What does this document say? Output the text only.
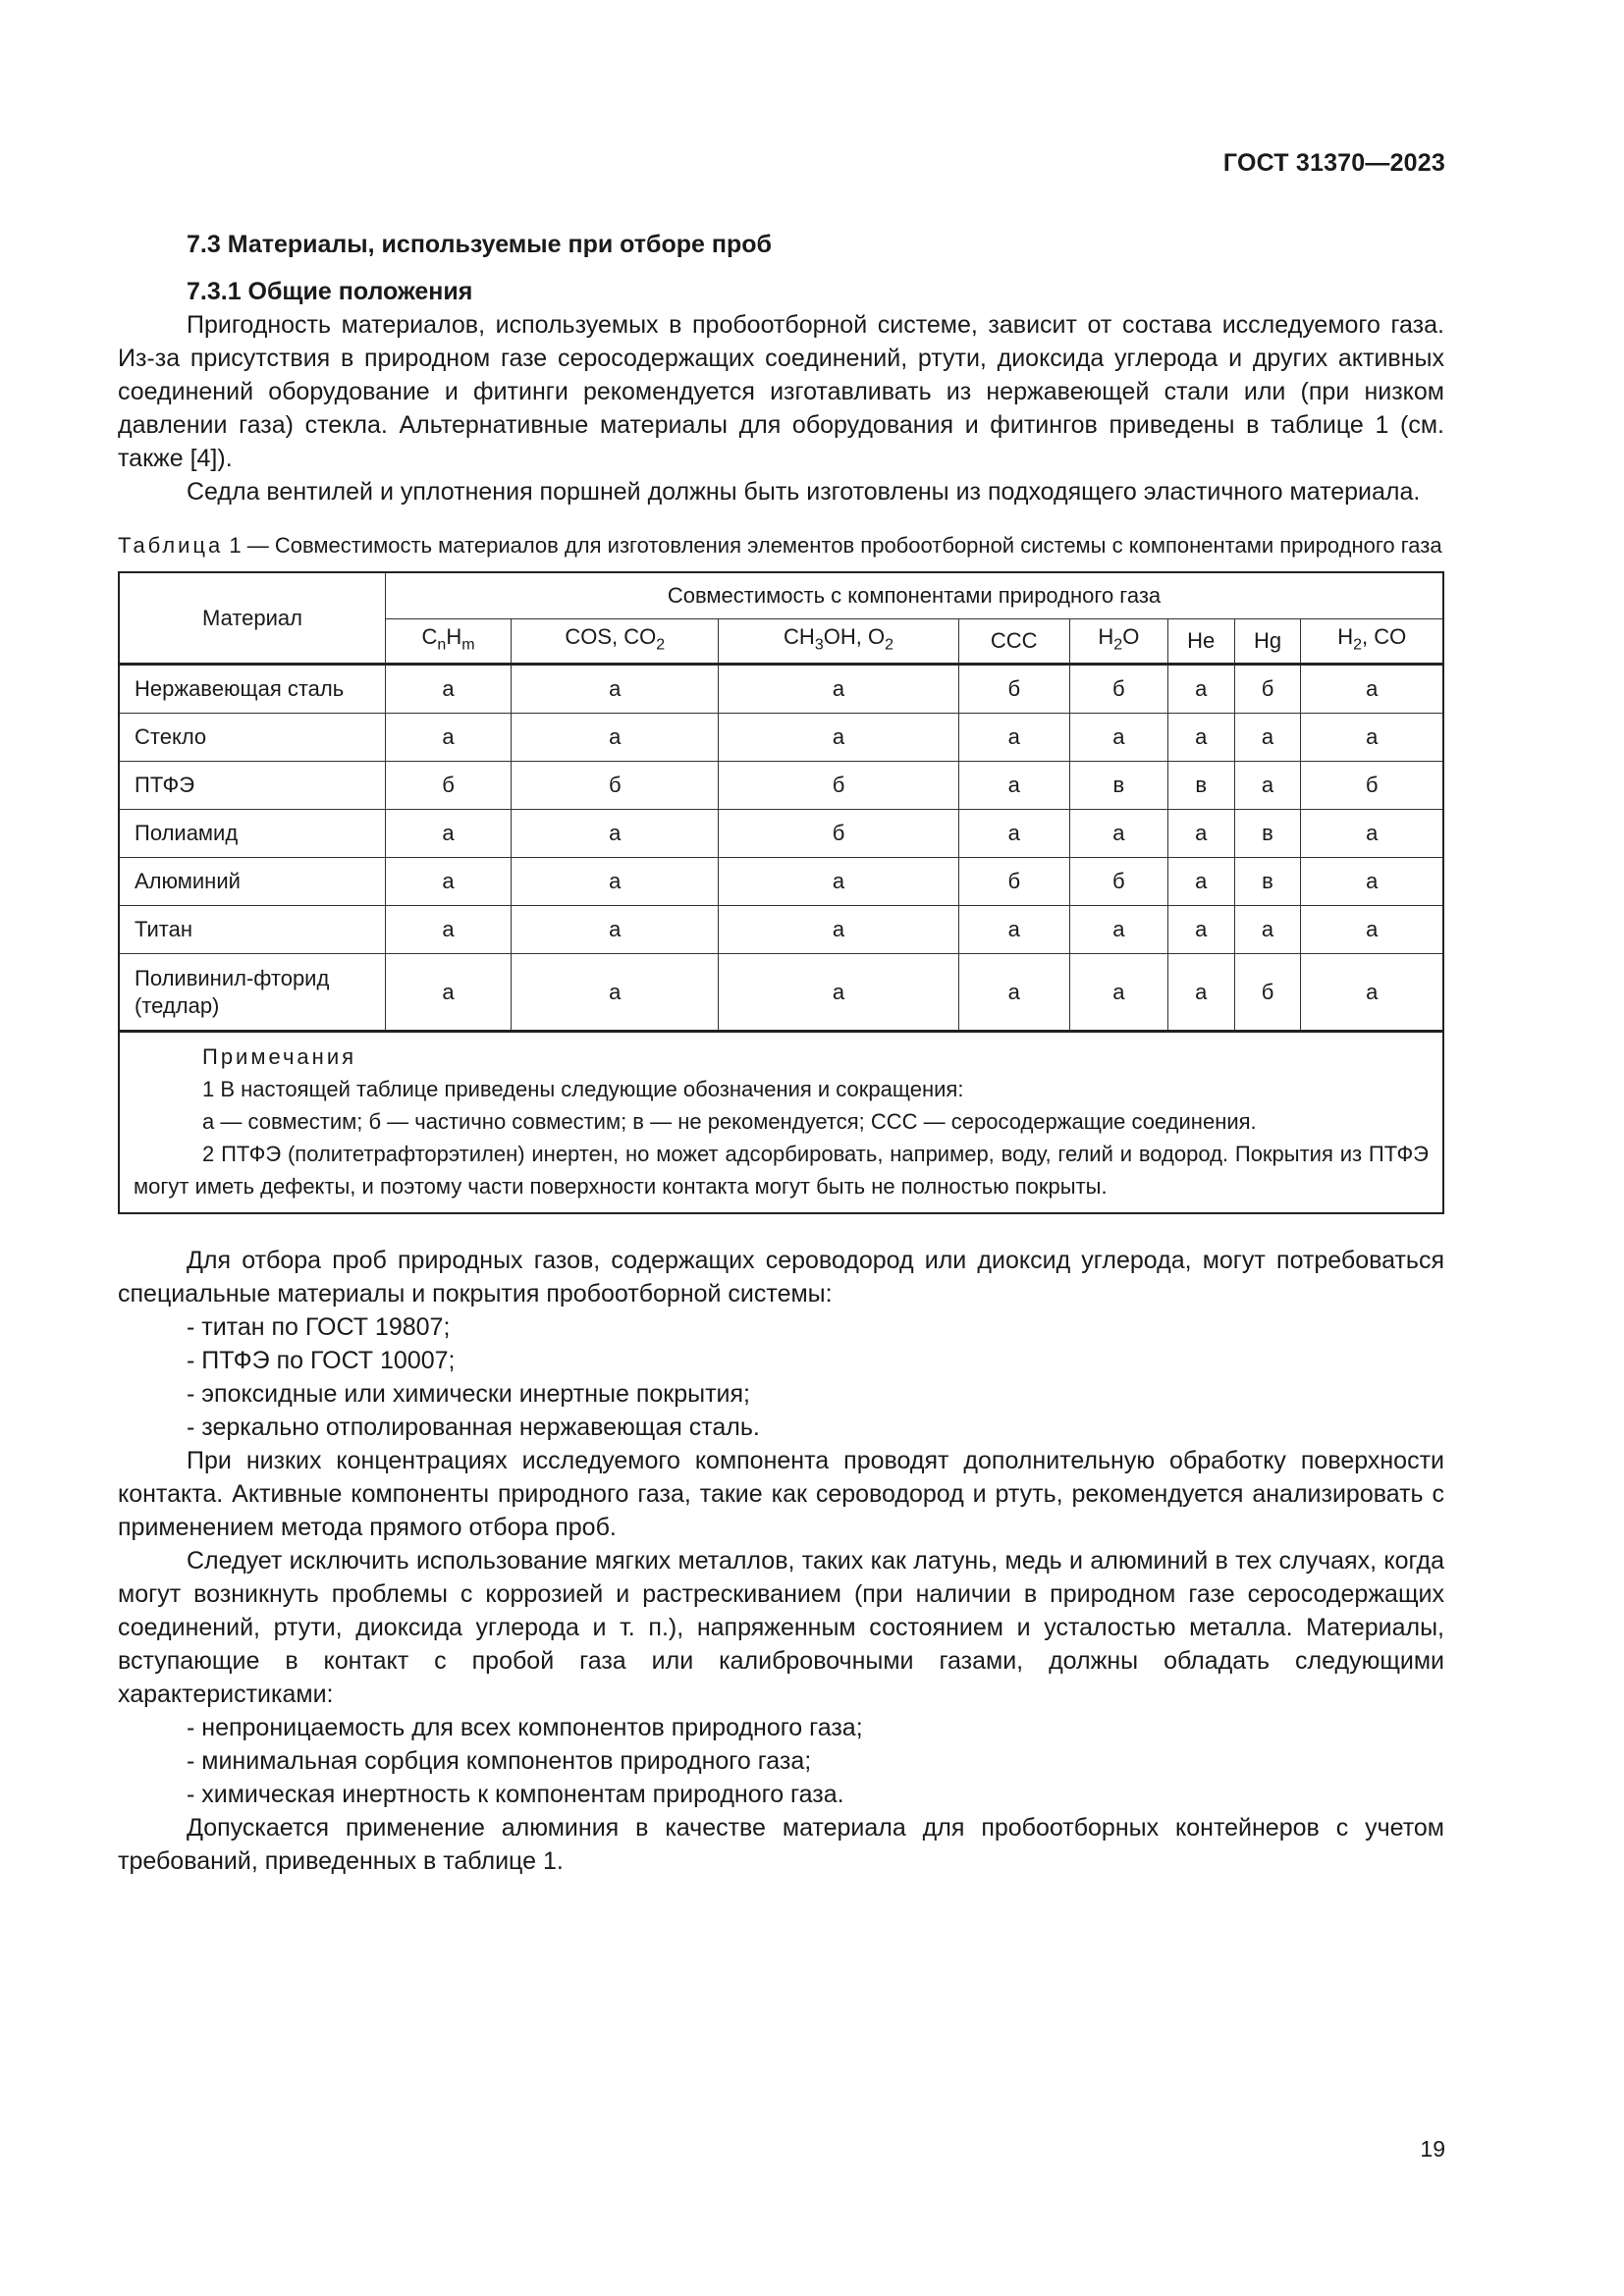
ГОСТ 31370—2023
7.3 Материалы, используемые при отборе проб
7.3.1 Общие положения

Пригодность материалов, используемых в пробоотборной системе, зависит от состава исследуемого газа. Из-за присутствия в природном газе серосодержащих соединений, ртути, диоксида углерода и других активных соединений оборудование и фитинги рекомендуется изготавливать из нержавеющей стали или (при низком давлении газа) стекла. Альтернативные материалы для оборудования и фитингов приведены в таблице 1 (см. также [4]).

Седла вентилей и уплотнения поршней должны быть изготовлены из подходящего эластичного материала.

Таблица 1 — Совместимость материалов для изготовления элементов пробоотборной системы с компонентами природного газа
Материал	Совместимость с компонентами природного газа							
	$C_nH_m$	COS, $CO_2$	$CH_3OH$, $O_2$	CCC	$H_2O$	He	Hg	$H_2$, CO
Нержавеющая сталь	а	а	а	б	б	а	б	а
Стекло	а	а	а	а	а	а	а	а
ПТФЭ	б	б	б	а	в	в	а	б
Полиамид	а	а	б	а	а	а	в	а
Алюминий	а	а	а	б	б	а	в	а
Титан	а	а	а	а	а	а	а	а
Поливинил-фторид (тедлар)	а	а	а	а	а	а	б	а

Примечания
1 В настоящей таблице приведены следующие обозначения и сокращения:
а — совместим; б — частично совместим; в — не рекомендуется; ССС — серосодержащие соединения.
2 ПТФЭ (политетрафторэтилен) инертен, но может адсорбировать, например, воду, гелий и водород. Покрытия из ПТФЭ могут иметь дефекты, и поэтому части поверхности контакта могут быть не полностью покрыты.								

Для отбора проб природных газов, содержащих сероводород или диоксид углерода, могут потребоваться специальные материалы и покрытия пробоотборной системы:

- титан по ГОСТ 19807;
- ПТФЭ по ГОСТ 10007;
- эпоксидные или химически инертные покрытия;
- зеркально отполированная нержавеющая сталь.

При низких концентрациях исследуемого компонента проводят дополнительную обработку поверхности контакта. Активные компоненты природного газа, такие как сероводород и ртуть, рекомендуется анализировать с применением метода прямого отбора проб.

Следует исключить использование мягких металлов, таких как латунь, медь и алюминий в тех случаях, когда могут возникнуть проблемы с коррозией и растрескиванием (при наличии в природном газе серосодержащих соединений, ртути, диоксида углерода и т. п.), напряженным состоянием и усталостью металла. Материалы, вступающие в контакт с пробой газа или калибровочными газами, должны обладать следующими характеристиками:

- непроницаемость для всех компонентов природного газа;
- минимальная сорбция компонентов природного газа;
- химическая инертность к компонентам природного газа.

Допускается применение алюминия в качестве материала для пробоотборных контейнеров с учетом требований, приведенных в таблице 1.

19
